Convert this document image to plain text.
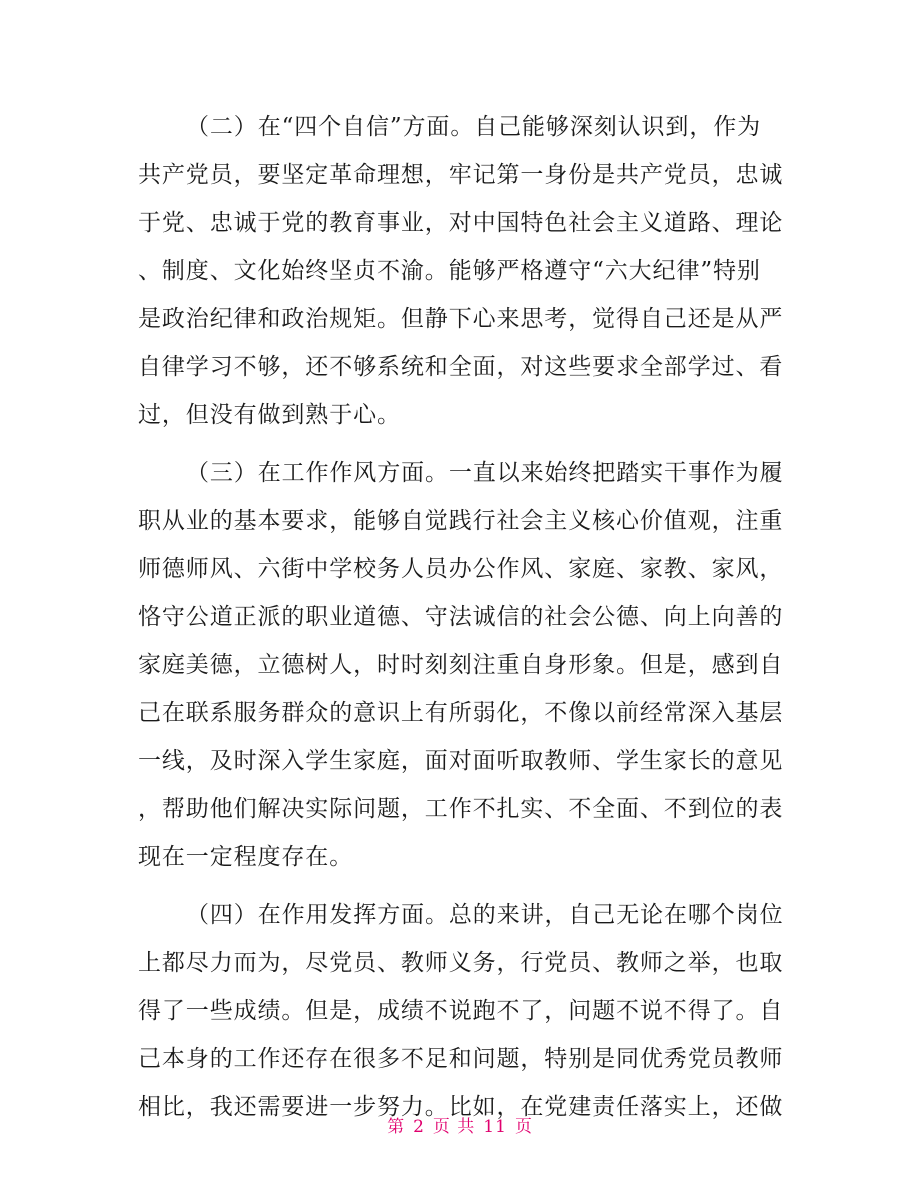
（二）在“四个自信”方面。自己能够深刻认识到，作为
共产党员，要坚定革命理想，牢记第一身份是共产党员，忠诚
于党、忠诚于党的教育事业，对中国特色社会主义道路、理论
、制度、文化始终坚贞不渝。能够严格遵守“六大纪律”特别
是政治纪律和政治规矩。但静下心来思考，觉得自己还是从严
自律学习不够，还不够系统和全面，对这些要求全部学过、看
过，但没有做到熟于心。
（三）在工作作风方面。一直以来始终把踏实干事作为履
职从业的基本要求，能够自觉践行社会主义核心价值观，注重
师德师风、六街中学校务人员办公作风、家庭、家教、家风，
恪守公道正派的职业道德、守法诚信的社会公德、向上向善的
家庭美德，立德树人，时时刻刻注重自身形象。但是，感到自
己在联系服务群众的意识上有所弱化，不像以前经常深入基层
一线，及时深入学生家庭，面对面听取教师、学生家长的意见
，帮助他们解决实际问题，工作不扎实、不全面、不到位的表
现在一定程度存在。
（四）在作用发挥方面。总的来讲，自己无论在哪个岗位
上都尽力而为，尽党员、教师义务，行党员、教师之举，也取
得了一些成绩。但是，成绩不说跑不了，问题不说不得了。自
己本身的工作还存在很多不足和问题，特别是同优秀党员教师
相比，我还需要进一步努力。比如，在党建责任落实上，还做
第 2 页 共 11 页
